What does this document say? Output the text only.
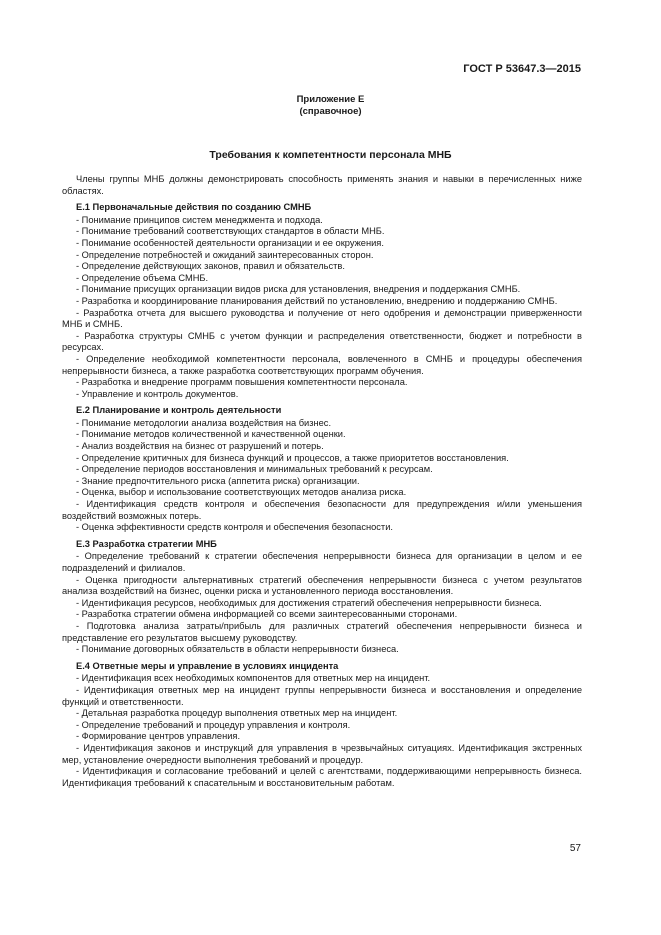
ГОСТ Р 53647.3—2015
Приложение Е
(справочное)
Требования к компетентности персонала МНБ

Члены группы МНБ должны демонстрировать способность применять знания и навыки в перечисленных ниже областях.

Е.1 Первоначальные действия по созданию СМНБ

- Понимание принципов систем менеджмента и подхода.

- Понимание требований соответствующих стандартов в области МНБ.

- Понимание особенностей деятельности организации и ее окружения.

- Определение потребностей и ожиданий заинтересованных сторон.

- Определение действующих законов, правил и обязательств.

- Определение объема СМНБ.

- Понимание присущих организации видов риска для установления, внедрения и поддержания СМНБ.

- Разработка и координирование планирования действий по установлению, внедрению и поддержанию СМНБ.

- Разработка отчета для высшего руководства и получение от него одобрения и демонстрации приверженности МНБ и СМНБ.

- Разработка структуры СМНБ с учетом функции и распределения ответственности, бюджет и потребности в ресурсах.

- Определение необходимой компетентности персонала, вовлеченного в СМНБ и процедуры обеспечения непрерывности бизнеса, а также разработка соответствующих программ обучения.

- Разработка и внедрение программ повышения компетентности персонала.

- Управление и контроль документов.

Е.2 Планирование и контроль деятельности

- Понимание методологии анализа воздействия на бизнес.

- Понимание методов количественной и качественной оценки.

- Анализ воздействия на бизнес от разрушений и потерь.

- Определение критичных для бизнеса функций и процессов, а также приоритетов восстановления.

- Определение периодов восстановления и минимальных требований к ресурсам.

- Знание предпочтительного риска (аппетита риска) организации.

- Оценка, выбор и использование соответствующих методов анализа риска.

- Идентификация средств контроля и обеспечения безопасности для предупреждения и/или уменьшения воздействий возможных потерь.

- Оценка эффективности средств контроля и обеспечения безопасности.

Е.3 Разработка стратегии МНБ

- Определение требований к стратегии обеспечения непрерывности бизнеса для организации в целом и ее подразделений и филиалов.

- Оценка пригодности альтернативных стратегий обеспечения непрерывности бизнеса с учетом результатов анализа воздействий на бизнес, оценки риска и установленного периода восстановления.

- Идентификация ресурсов, необходимых для достижения стратегий обеспечения непрерывности бизнеса.

- Разработка стратегии обмена информацией со всеми заинтересованными сторонами.

- Подготовка анализа затраты/прибыль для различных стратегий обеспечения непрерывности бизнеса и представление его результатов высшему руководству.

- Понимание договорных обязательств в области непрерывности бизнеса.

Е.4 Ответные меры и управление в условиях инцидента

- Идентификация всех необходимых компонентов для ответных мер на инцидент.

- Идентификация ответных мер на инцидент группы непрерывности бизнеса и восстановления и определение функций и ответственности.

- Детальная разработка процедур выполнения ответных мер на инцидент.

- Определение требований и процедур управления и контроля.

- Формирование центров управления.

- Идентификация законов и инструкций для управления в чрезвычайных ситуациях. Идентификация экстренных мер, установление очередности выполнения требований и процедур.

- Идентификация и согласование требований и целей с агентствами, поддерживающими непрерывность бизнеса. Идентификация требований к спасательным и восстановительным работам.

57
